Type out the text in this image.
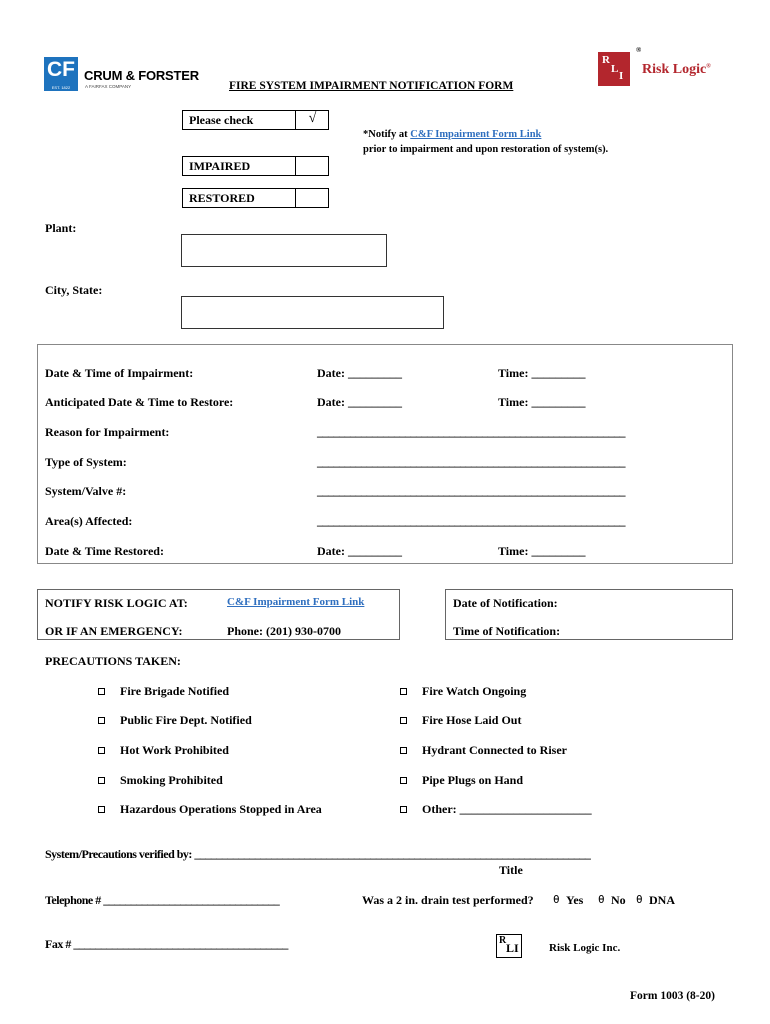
CF
EST. 1822
CRUM & FORSTER
A FAIRFAX COMPANY
R
L
I
®
Risk Logic®
FIRE SYSTEM IMPAIRMENT NOTIFICATION FORM
Please check	√
*Notify at C&F Impairment Form Link
prior to impairment and upon restoration of system(s).
IMPAIRED
RESTORED
Plant:
City, State:
Date & Time of Impairment:	Date: _________	Time: _________
Anticipated Date & Time to Restore:	Date: _________	Time: _________
Reason for Impairment:	________________________________________________________
Type of System:	________________________________________________________
System/Valve #:	________________________________________________________
Area(s) Affected:	________________________________________________________
Date & Time Restored:	Date: _________	Time: _________
NOTIFY RISK LOGIC AT:	C&F Impairment Form Link
OR IF AN EMERGENCY:	Phone: (201) 930-0700
Date of Notification:
Time of Notification:
PRECAUTIONS TAKEN:
Fire Brigade Notified
Public Fire Dept. Notified
Hot Work Prohibited
Smoking Prohibited
Hazardous Operations Stopped in Area
Fire Watch Ongoing
Fire Hose Laid Out
Hydrant Connected to Riser
Pipe Plugs on Hand
Other: ______________________
System/Precautions verified by: ________________________________________________________________________
Title
Telephone # ________________________________	Was a 2 in. drain test performed? θ Yes θ No θ DNA
Fax # _______________________________________	R
LI	Risk Logic Inc.
Form 1003 (8-20)
